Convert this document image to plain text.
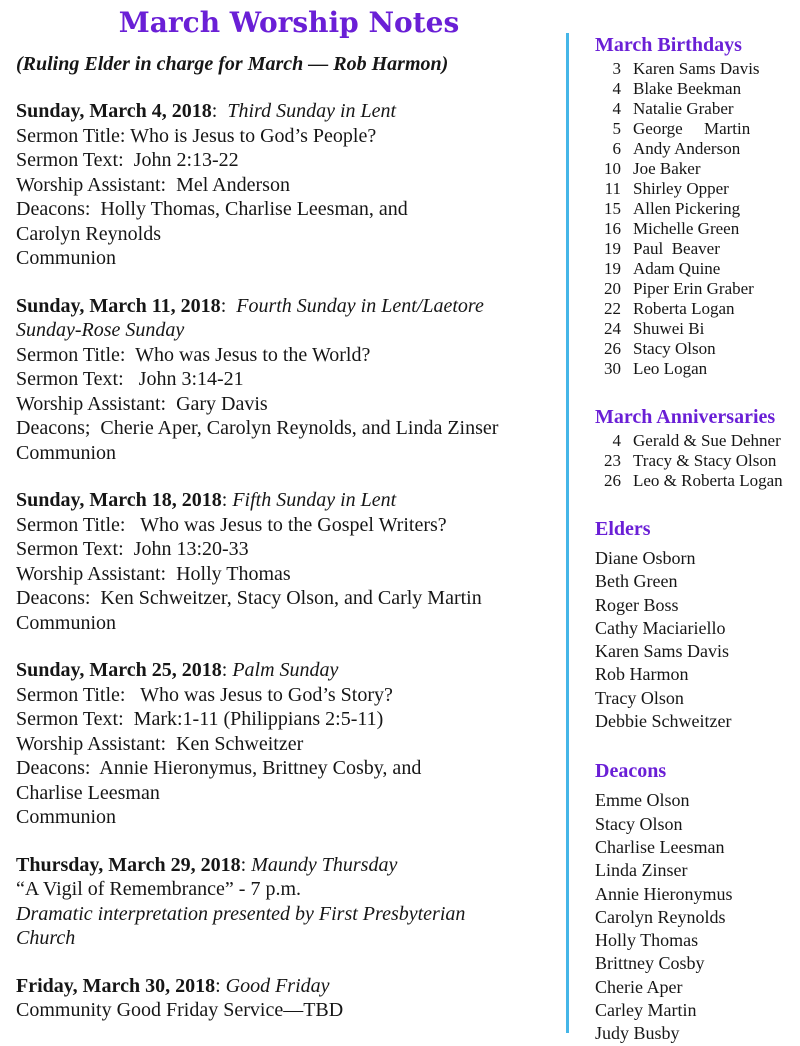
March Worship Notes

(Ruling Elder in charge for March — Rob Harmon)

Sunday, March 4, 2018:  Third Sunday in Lent
Sermon Title: Who is Jesus to God’s People?
Sermon Text:  John 2:13-22
Worship Assistant:  Mel Anderson
Deacons:  Holly Thomas, Charlise Leesman, and
Carolyn Reynolds
Communion
Sunday, March 11, 2018:  Fourth Sunday in Lent/Laetore
Sunday-Rose Sunday
Sermon Title:  Who was Jesus to the World?
Sermon Text:   John 3:14-21
Worship Assistant:  Gary Davis
Deacons;  Cherie Aper, Carolyn Reynolds, and Linda Zinser
Communion
Sunday, March 18, 2018: Fifth Sunday in Lent
Sermon Title:   Who was Jesus to the Gospel Writers?
Sermon Text:  John 13:20-33
Worship Assistant:  Holly Thomas
Deacons:  Ken Schweitzer, Stacy Olson, and Carly Martin
Communion
Sunday, March 25, 2018: Palm Sunday
Sermon Title:   Who was Jesus to God’s Story?
Sermon Text:  Mark:1-11 (Philippians 2:5-11)
Worship Assistant:  Ken Schweitzer
Deacons:  Annie Hieronymus, Brittney Cosby, and
Charlise Leesman
Communion
Thursday, March 29, 2018: Maundy Thursday
“A Vigil of Remembrance” - 7 p.m.
Dramatic interpretation presented by First Presbyterian
Church
Friday, March 30, 2018: Good Friday
Community Good Friday Service—TBD
March Birthdays
3 Karen Sams Davis
4 Blake Beekman
4 Natalie Graber
5 George     Martin
6 Andy Anderson
10 Joe Baker
11 Shirley Opper
15 Allen Pickering
16 Michelle Green
19 Paul  Beaver
19 Adam Quine
20 Piper Erin Graber
22 Roberta Logan
24 Shuwei Bi
26 Stacy Olson
30 Leo Logan
March Anniversaries
4 Gerald & Sue Dehner
23 Tracy & Stacy Olson
26 Leo & Roberta Logan
Elders
Diane Osborn
Beth Green
Roger Boss
Cathy Maciariello
Karen Sams Davis
Rob Harmon
Tracy Olson
Debbie Schweitzer
Deacons
Emme Olson
Stacy Olson
Charlise Leesman
Linda Zinser
Annie Hieronymus
Carolyn Reynolds
Holly Thomas
Brittney Cosby
Cherie Aper
Carley Martin
Judy Busby
